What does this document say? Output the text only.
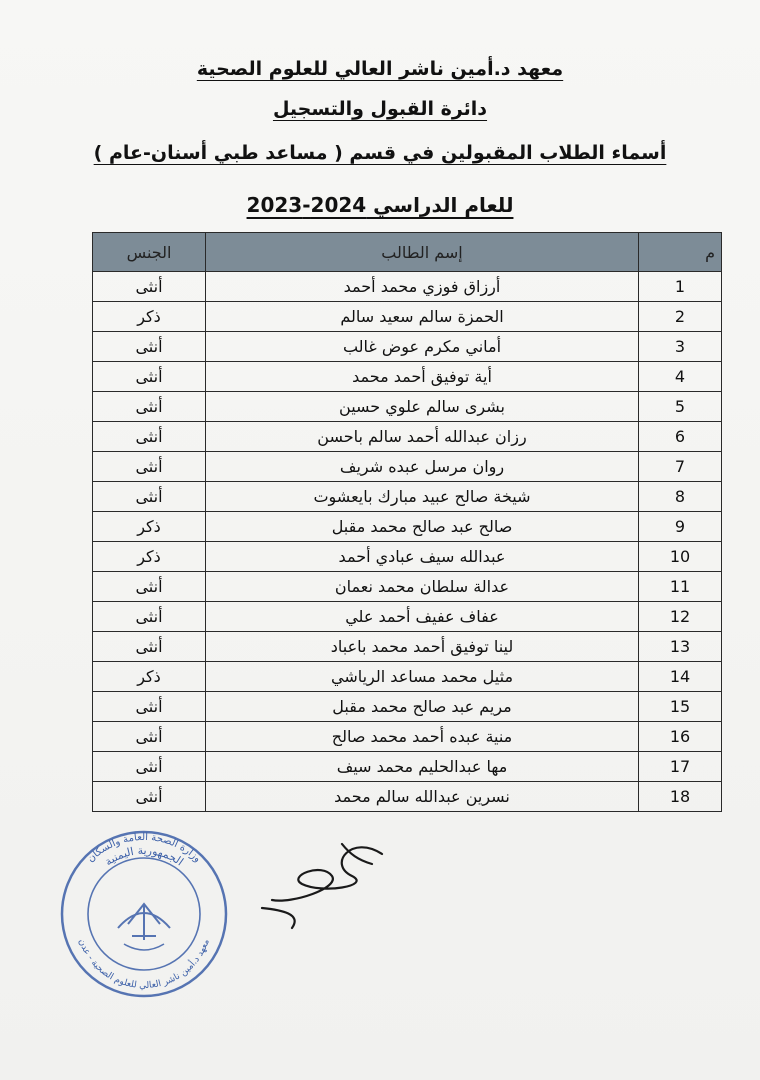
معهد د.أمين ناشر العالي للعلوم الصحية
دائرة القبول والتسجيل
أسماء الطلاب المقبولين في قسم ( مساعد طبي أسنان-عام )
للعام الدراسي 2024-2023
م	إسم الطالب	الجنس
1	أرزاق فوزي محمد أحمد	أنثى
2	الحمزة سالم سعيد سالم	ذكر
3	أماني مكرم عوض غالب	أنثى
4	أية توفيق أحمد محمد	أنثى
5	بشرى سالم علوي حسين	أنثى
6	رزان عبدالله أحمد سالم باحسن	أنثى
7	روان مرسل عبده شريف	أنثى
8	شيخة صالح عبيد مبارك بايعشوت	أنثى
9	صالح عبد صالح محمد مقبل	ذكر
10	عبدالله سيف عبادي أحمد	ذكر
11	عدالة سلطان محمد نعمان	أنثى
12	عفاف عفيف أحمد علي	أنثى
13	لينا توفيق أحمد محمد باعباد	أنثى
14	مثيل محمد مساعد الرياشي	ذكر
15	مريم عبد صالح محمد مقبل	أنثى
16	منية عبده أحمد محمد صالح	أنثى
17	مها عبدالحليم محمد سيف	أنثى
18	نسرين عبدالله سالم محمد	أنثى
الجمهورية اليمنية
وزارة الصحة العامة والسكان
معهد د.أمين ناشر العالي للعلوم الصحية - عدن
